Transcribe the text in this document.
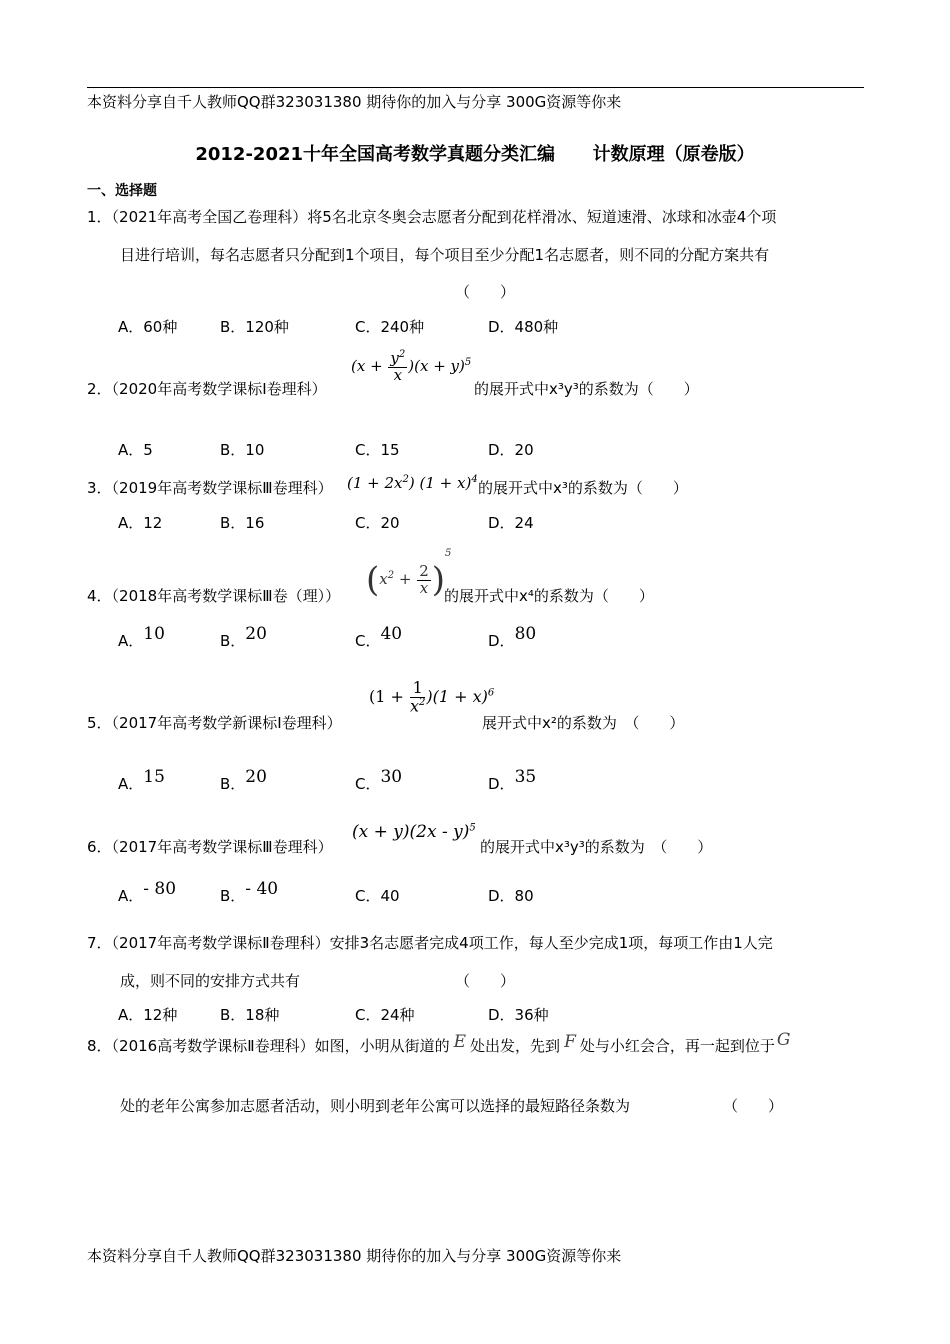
本资料分享自千人教师QQ群323031380 期待你的加入与分享 300G资源等你来
2012-2021十年全国高考数学真题分类汇编      计数原理（原卷版）
一、选择题
1．（2021年高考全国乙卷理科）将5名北京冬奥会志愿者分配到花样滑冰、短道速滑、冰球和冰壶4个项
目进行培训，每名志愿者只分配到1个项目，每个项目至少分配1名志愿者，则不同的分配方案共有
（　　）
A．60种	B．120种	C．240种	D．480种
2．（2020年高考数学课标Ⅰ卷理科）
$(x + \frac{y^2}{x} )(x + y)^5$
的展开式中x³y³的系数为（　　）
A．5	B．10	C．15	D．20
3．（2019年高考数学课标Ⅲ卷理科） $(1 + 2x^2)$ $(1 + x)^4$ 的展开式中x³的系数为（　　）
A．12	B．16	C．20	D．24
4．（2018年高考数学课标Ⅲ卷（理）） $(x^2 + \frac{2}{x} )^5$
的展开式中x⁴的系数为（　　）
A．10	B．20	C．40	D．80
5．（2017年高考数学新课标Ⅰ卷理科）
$(1 + \frac{1}{x^2} )(1 + x)^6$
展开式中x²的系数为　（　　）
A．15	B．20	C．30	D．35
6．（2017年高考数学课标Ⅲ卷理科）
(x + y)(2x - y)$^5$
的展开式中x³y³的系数为　（　　）
A．- 80	B．- 40	C．40	D．80
7．（2017年高考数学课标Ⅱ卷理科）安排3名志愿者完成4项工作，每人至少完成1项，每项工作由1人完
成，则不同的安排方式共有	（　　）
A．12种	B．18种	C．24种	D．36种
8．（2016高考数学课标Ⅱ卷理科）如图，小明从街道的 E 处出发，先到 F 处与小红会合，再一起到位于 G
处的老年公寓参加志愿者活动，则小明到老年公寓可以选择的最短路径条数为	（　　）
本资料分享自千人教师QQ群323031380 期待你的加入与分享 300G资源等你来
